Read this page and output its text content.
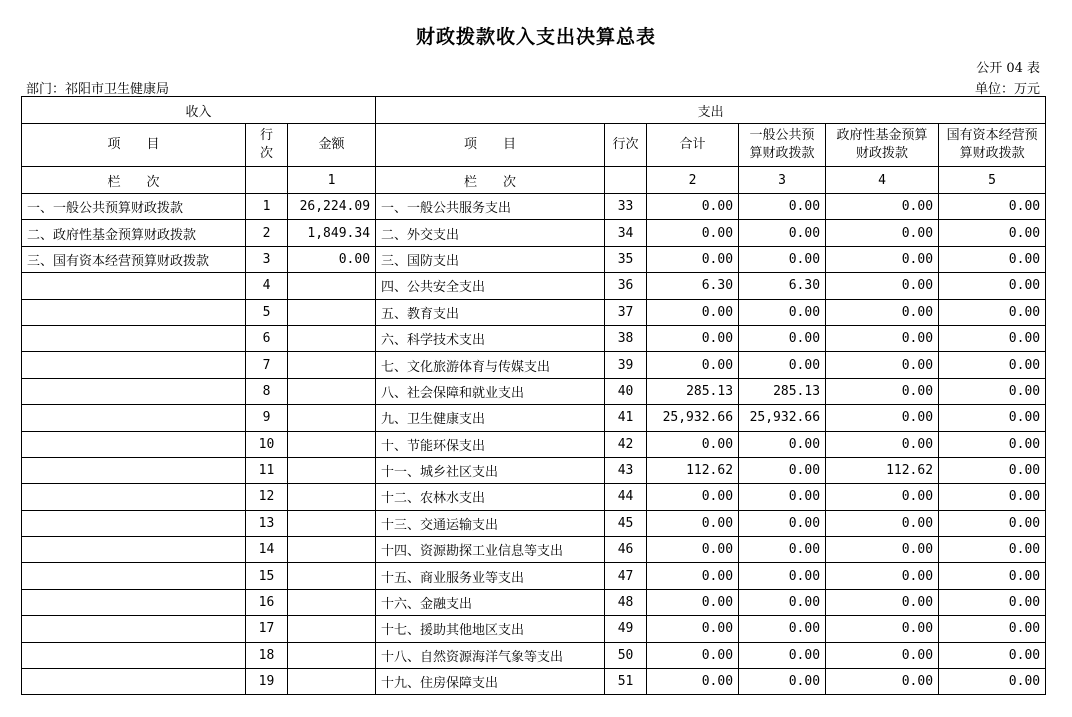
财政拨款收入支出决算总表
公开 04 表
部门：祁阳市卫生健康局	单位：万元
收入			支出					
项　　目	行次	金额	项　　目	行次	合计	一般公共预算财政拨款	政府性基金预算财政拨款	国有资本经营预算财政拨款
栏　　次		1	栏　　次		2	3	4	5
一、一般公共预算财政拨款	1	26,224.09	一、一般公共服务支出	33	0.00	0.00	0.00	0.00
二、政府性基金预算财政拨款	2	1,849.34	二、外交支出	34	0.00	0.00	0.00	0.00
三、国有资本经营预算财政拨款	3	0.00	三、国防支出	35	0.00	0.00	0.00	0.00
	4		四、公共安全支出	36	6.30	6.30	0.00	0.00
	5		五、教育支出	37	0.00	0.00	0.00	0.00
	6		六、科学技术支出	38	0.00	0.00	0.00	0.00
	7		七、文化旅游体育与传媒支出	39	0.00	0.00	0.00	0.00
	8		八、社会保障和就业支出	40	285.13	285.13	0.00	0.00
	9		九、卫生健康支出	41	25,932.66	25,932.66	0.00	0.00
	10		十、节能环保支出	42	0.00	0.00	0.00	0.00
	11		十一、城乡社区支出	43	112.62	0.00	112.62	0.00
	12		十二、农林水支出	44	0.00	0.00	0.00	0.00
	13		十三、交通运输支出	45	0.00	0.00	0.00	0.00
	14		十四、资源勘探工业信息等支出	46	0.00	0.00	0.00	0.00
	15		十五、商业服务业等支出	47	0.00	0.00	0.00	0.00
	16		十六、金融支出	48	0.00	0.00	0.00	0.00
	17		十七、援助其他地区支出	49	0.00	0.00	0.00	0.00
	18		十八、自然资源海洋气象等支出	50	0.00	0.00	0.00	0.00
	19		十九、住房保障支出	51	0.00	0.00	0.00	0.00
